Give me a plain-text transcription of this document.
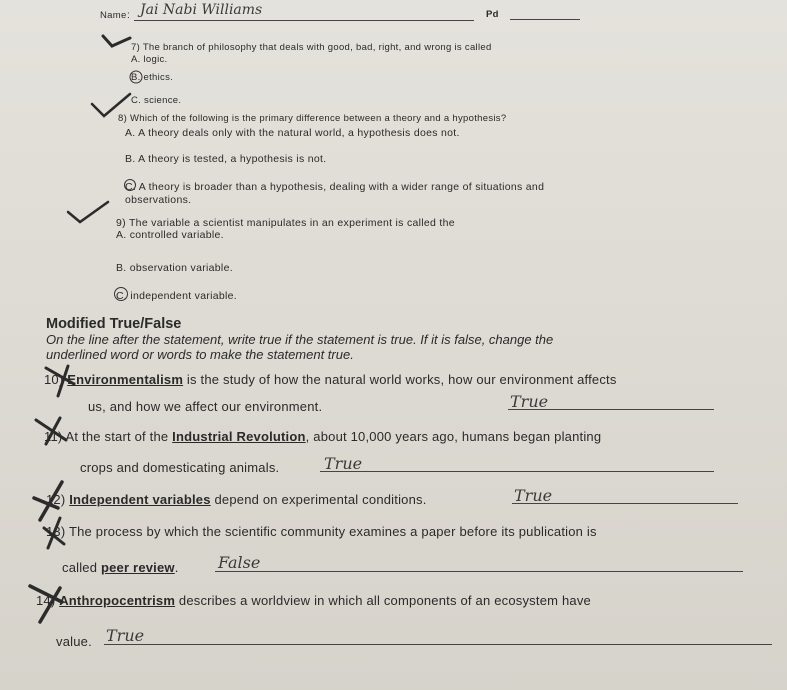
Name : Jai Nabi Williams	Pd
7) The branch of philosophy that deals with good, bad, right, and wrong is called
A. logic.
B. ethics.
C. science.
8) Which of the following is the primary difference between a theory and a hypothesis?
A. A theory deals only with the natural world, a hypothesis does not.
B. A theory is tested, a hypothesis is not.
C. A theory is broader than a hypothesis, dealing with a wider range of situations and
observations.
9) The variable a scientist manipulates in an experiment is called the
A. controlled variable.
B. observation variable.
C. independent variable.
Modified True/False
On the line after the statement, write true if the statement is true. If it is false, change the
underlined word or words to make the statement true.
10) Environmentalism is the study of how the natural world works, how our environment affects
us, and how we affect our environment.	True
11) At the start of the Industrial Revolution, about 10,000 years ago, humans began planting
crops and domesticating animals.	True
12) Independent variables depend on experimental conditions.	True
13) The process by which the scientific community examines a paper before its publication is
called peer review. False
14) Anthropocentrism describes a worldview in which all components of an ecosystem have
value. True
